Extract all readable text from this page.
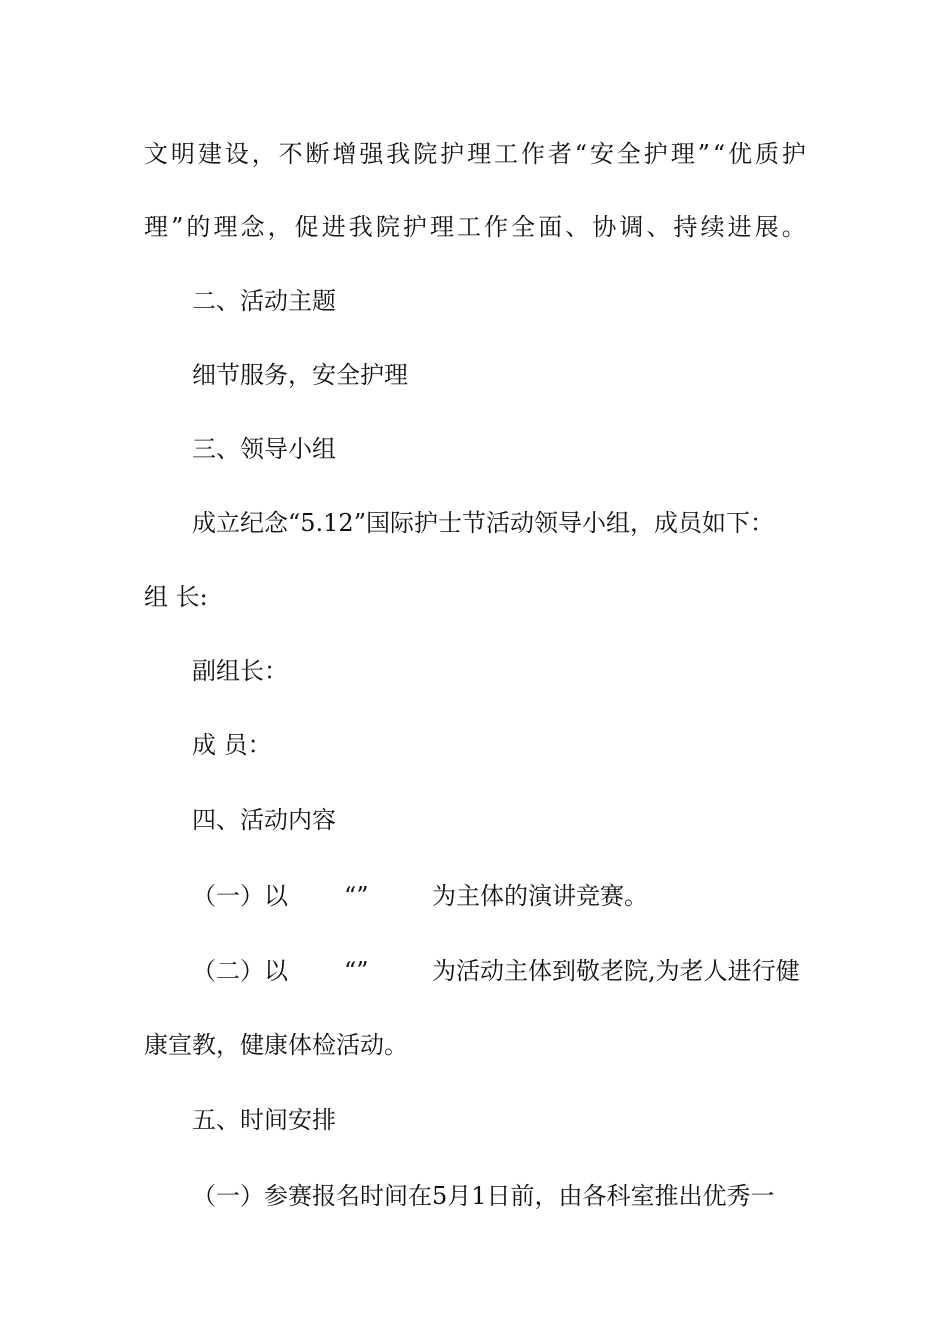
文 明 建 设 ， 不 断 增 强 我 院 护 理 工 作 者 “ 安 全 护 理 ” “ 优 质 护
理 ” 的 理 念 ， 促 进 我 院 护 理 工 作 全 面 、 协 调 、 持 续 进 展 。
二、活动主题
细节服务，安全护理
三、领导小组
成立纪念“5.12”国际护士节活动领导小组，成员如下：
组 长:
副组长：
成 员：
四、活动内容
（一）以 “”	为主体的演讲竞赛。
（二）以 “”	为活动主体到敬老院,为老人进行健
康宣教，健康体检活动。
五、时间安排
（一）参赛报名时间在5月1日前，由各科室推出优秀一
